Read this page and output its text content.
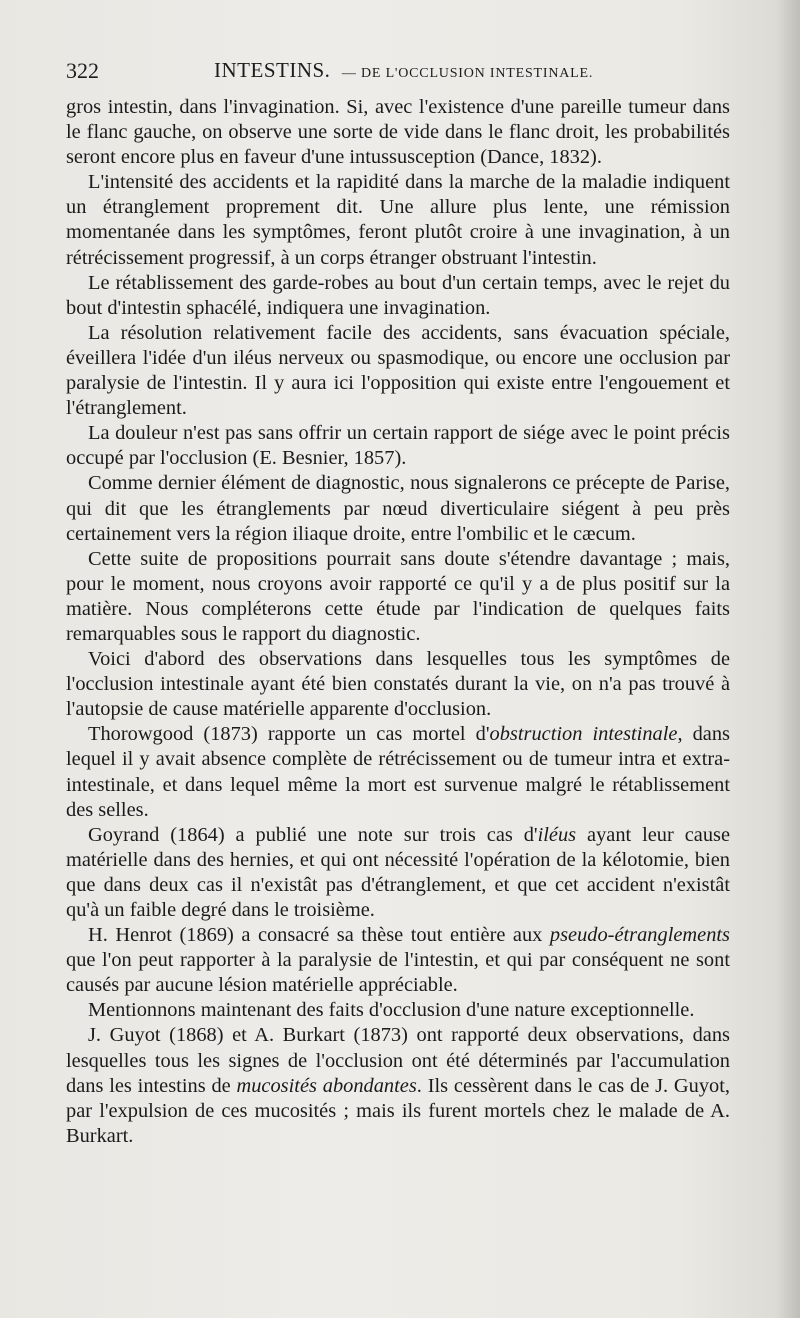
322	INTESTINS. — DE L'OCCLUSION INTESTINALE.

gros intestin, dans l'invagination. Si, avec l'existence d'une pareille tumeur dans le flanc gauche, on observe une sorte de vide dans le flanc droit, les probabilités seront encore plus en faveur d'une intussusception (Dance, 1832).

L'intensité des accidents et la rapidité dans la marche de la maladie indiquent un étranglement proprement dit. Une allure plus lente, une rémission momentanée dans les symptômes, feront plutôt croire à une invagination, à un rétrécissement progressif, à un corps étranger obstruant l'intestin.

Le rétablissement des garde-robes au bout d'un certain temps, avec le rejet du bout d'intestin sphacélé, indiquera une invagination.

La résolution relativement facile des accidents, sans évacuation spéciale, éveillera l'idée d'un iléus nerveux ou spasmodique, ou encore une occlusion par paralysie de l'intestin. Il y aura ici l'opposition qui existe entre l'engouement et l'étranglement.

La douleur n'est pas sans offrir un certain rapport de siége avec le point précis occupé par l'occlusion (E. Besnier, 1857).

Comme dernier élément de diagnostic, nous signalerons ce précepte de Parise, qui dit que les étranglements par nœud diverticulaire siégent à peu près certainement vers la région iliaque droite, entre l'ombilic et le cæcum.

Cette suite de propositions pourrait sans doute s'étendre davantage ; mais, pour le moment, nous croyons avoir rapporté ce qu'il y a de plus positif sur la matière. Nous compléterons cette étude par l'indication de quelques faits remarquables sous le rapport du diagnostic.

Voici d'abord des observations dans lesquelles tous les symptômes de l'occlusion intestinale ayant été bien constatés durant la vie, on n'a pas trouvé à l'autopsie de cause matérielle apparente d'occlusion.

Thorowgood (1873) rapporte un cas mortel d'obstruction intestinale, dans lequel il y avait absence complète de rétrécissement ou de tumeur intra et extra-intestinale, et dans lequel même la mort est survenue malgré le rétablissement des selles.

Goyrand (1864) a publié une note sur trois cas d'iléus ayant leur cause matérielle dans des hernies, et qui ont nécessité l'opération de la kélotomie, bien que dans deux cas il n'existât pas d'étranglement, et que cet accident n'existât qu'à un faible degré dans le troisième.

H. Henrot (1869) a consacré sa thèse tout entière aux pseudo-étranglements que l'on peut rapporter à la paralysie de l'intestin, et qui par conséquent ne sont causés par aucune lésion matérielle appréciable.

Mentionnons maintenant des faits d'occlusion d'une nature exceptionnelle.

J. Guyot (1868) et A. Burkart (1873) ont rapporté deux observations, dans lesquelles tous les signes de l'occlusion ont été déterminés par l'accumulation dans les intestins de mucosités abondantes. Ils cessèrent dans le cas de J. Guyot, par l'expulsion de ces mucosités ; mais ils furent mortels chez le malade de A. Burkart.
